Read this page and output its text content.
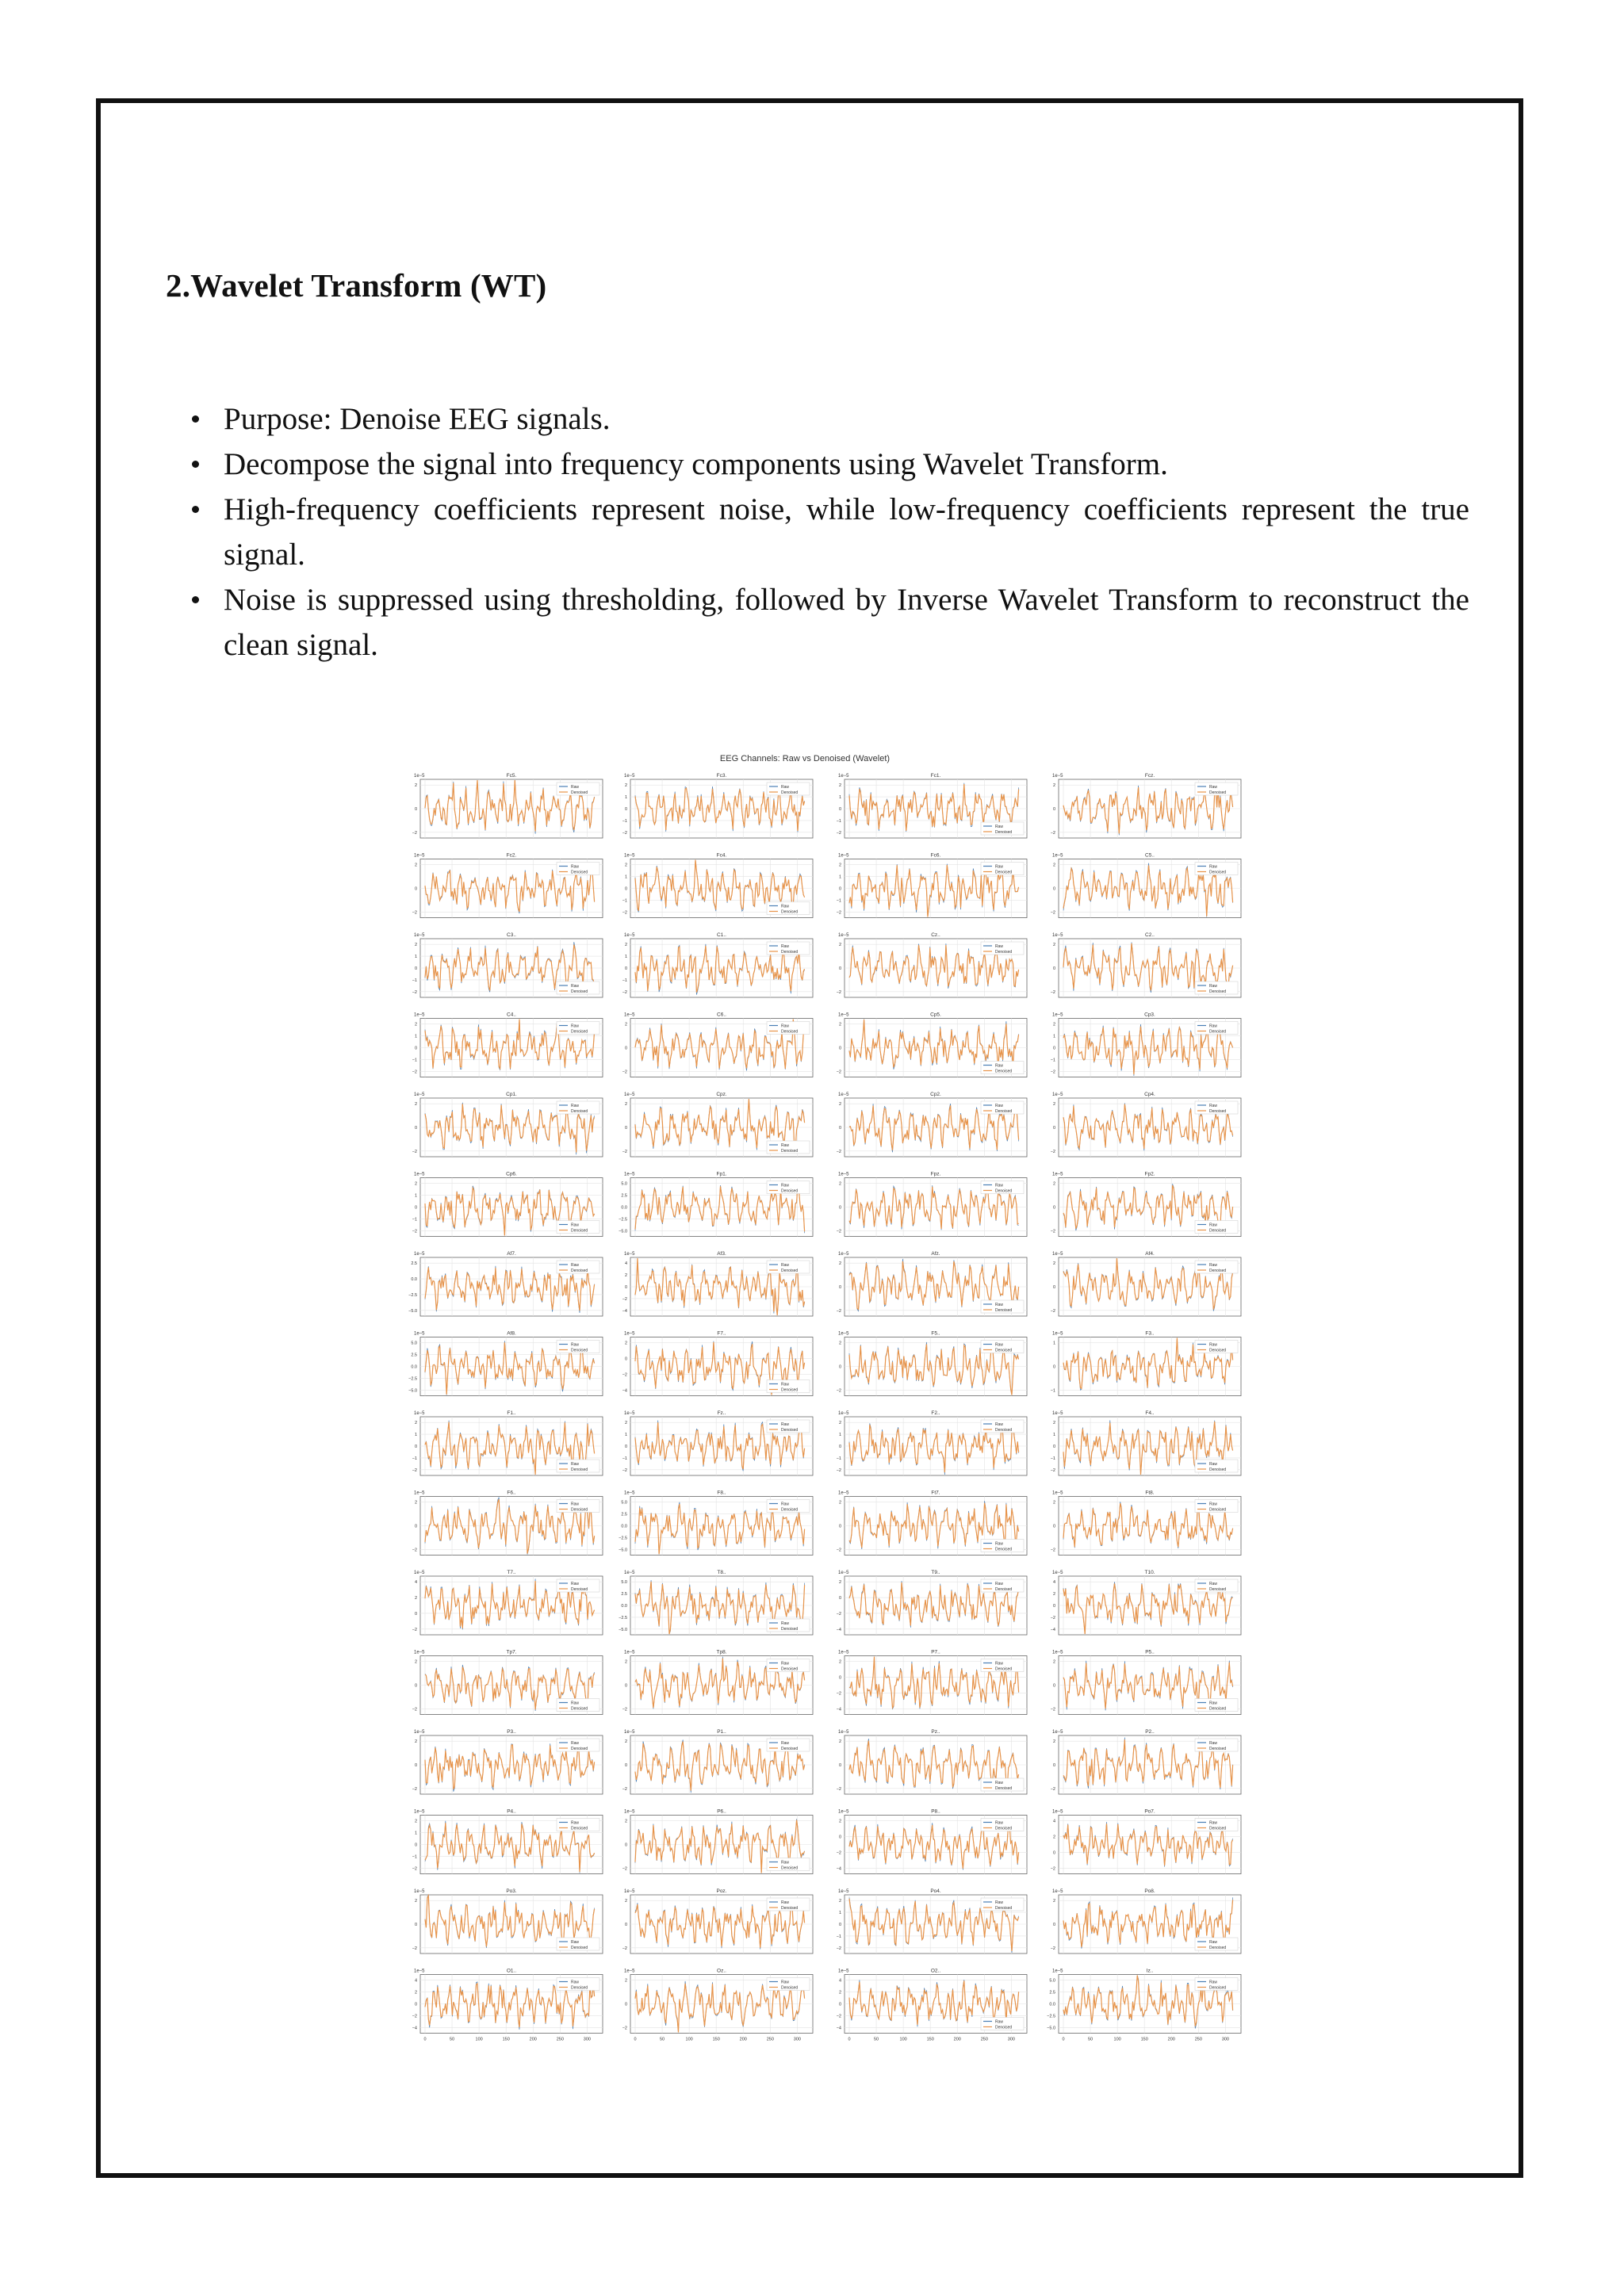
2.Wavelet Transform (WT)
Purpose: Denoise EEG signals.
Decompose the signal into frequency components using Wavelet Transform.
High-frequency coefficients represent noise, while low-frequency coefficients represent the true signal.
Noise is suppressed using thresholding, followed by Inverse Wavelet Transform to reconstruct the clean signal.
EEG Channels: Raw vs Denoised (Wavelet)
1e−5	Fc5.
2
0
−2
Raw
Denoised
1e−5	Fc3.
2
1
0
−1
−2
Raw
Denoised
1e−5	Fc1.
2
1
0
−1
−2
Raw
Denoised
1e−5	Fcz.
2
0
−2
Raw
Denoised
1e−5	Fc2.
2
0
−2
Raw
Denoised
1e−5	Fc4.
2
1
0
−1
−2
Raw
Denoised
1e−5	Fc6.
2
1
0
−1
−2
Raw
Denoised
1e−5	C5..
2
0
−2
Raw
Denoised
1e−5	C3..
2
1
0
−1
−2
Raw
Denoised
1e−5	C1..
2
1
0
−1
−2
Raw
Denoised
1e−5	Cz..
2
0
−2
Raw
Denoised
1e−5	C2..
2
0
−2
Raw
Denoised
1e−5	C4..
2
1
0
−1
−2
Raw
Denoised
1e−5	C6..
2
0
−2
Raw
Denoised
1e−5	Cp5.
2
0
−2
Raw
Denoised
1e−5	Cp3.
2
1
0
−1
−2
Raw
Denoised
1e−5	Cp1.
2
0
−2
Raw
Denoised
1e−5	Cpz.
2
0
−2
Raw
Denoised
1e−5	Cp2.
2
0
−2
Raw
Denoised
1e−5	Cp4.
2
0
−2
Raw
Denoised
1e−5	Cp6.
2
1
0
−1
−2
Raw
Denoised
1e−5	Fp1.
5.0
2.5
0.0
−2.5
−5.0
Raw
Denoised
1e−5	Fpz.
2
0
−2
Raw
Denoised
1e−5	Fp2.
2
0
−2
Raw
Denoised
1e−5	Af7.
2.5
0.0
−2.5
−5.0
Raw
Denoised
1e−5	Af3.
4
2
0
−2
−4
Raw
Denoised
1e−5	Afz.
2
0
−2
Raw
Denoised
1e−5	Af4.
2
0
−2
Raw
Denoised
1e−5	Af8.
5.0
2.5
0.0
−2.5
−5.0
Raw
Denoised
1e−5	F7..
2
0
−2
−4
Raw
Denoised
1e−5	F5..
2
0
−2
Raw
Denoised
1e−5	F3..
1
0
−1
Raw
Denoised
1e−5	F1..
2
1
0
−1
−2
Raw
Denoised
1e−5	Fz..
2
1
0
−1
−2
Raw
Denoised
1e−5	F2..
2
1
0
−1
−2
Raw
Denoised
1e−5	F4..
2
1
0
−1
−2
Raw
Denoised
1e−5	F6..
2
0
−2
Raw
Denoised
1e−5	F8..
5.0
2.5
0.0
−2.5
−5.0
Raw
Denoised
1e−5	Ft7.
2
0
−2
Raw
Denoised
1e−5	Ft8.
2
0
−2
Raw
Denoised
1e−5	T7..
4
2
0
−2
Raw
Denoised
1e−5	T8..
5.0
2.5
0.0
−2.5
−5.0
Raw
Denoised
1e−5	T9..
2
0
−2
−4
Raw
Denoised
1e−5	T10.
4
2
0
−2
−4
Raw
Denoised
1e−5	Tp7.
2
0
−2
Raw
Denoised
1e−5	Tp8.
2
0
−2
Raw
Denoised
1e−5	P7..
2
0
−2
−4
Raw
Denoised
1e−5	P5..
2
0
−2
Raw
Denoised
1e−5	P3..
2
0
−2
Raw
Denoised
1e−5	P1..
2
0
−2
Raw
Denoised
1e−5	Pz..
2
0
−2
Raw
Denoised
1e−5	P2..
2
0
−2
Raw
Denoised
1e−5	P4..
2
1
0
−1
−2
Raw
Denoised
1e−5	P6..
2
0
−2
Raw
Denoised
1e−5	P8..
2
0
−2
−4
Raw
Denoised
1e−5	Po7.
4
2
0
−2
Raw
Denoised
1e−5	Po3.
2
0
−2
Raw
Denoised
1e−5	Poz.
2
0
−2
Raw
Denoised
1e−5	Po4.
2
1
0
−1
−2
Raw
Denoised
1e−5	Po8.
2
0
−2
Raw
Denoised
1e−5	O1..
4
2
0
−2
−4
Raw
Denoised
0	50	100	150	200	250	300
1e−5	Oz..
2
0
−2
Raw
Denoised
0	50	100	150	200	250	300
1e−5	O2..
4
2
0
−2
−4
Raw
Denoised
0	50	100	150	200	250	300
1e−5	Iz..
5.0
2.5
0.0
−2.5
−5.0
Raw
Denoised
0	50	100	150	200	250	300
